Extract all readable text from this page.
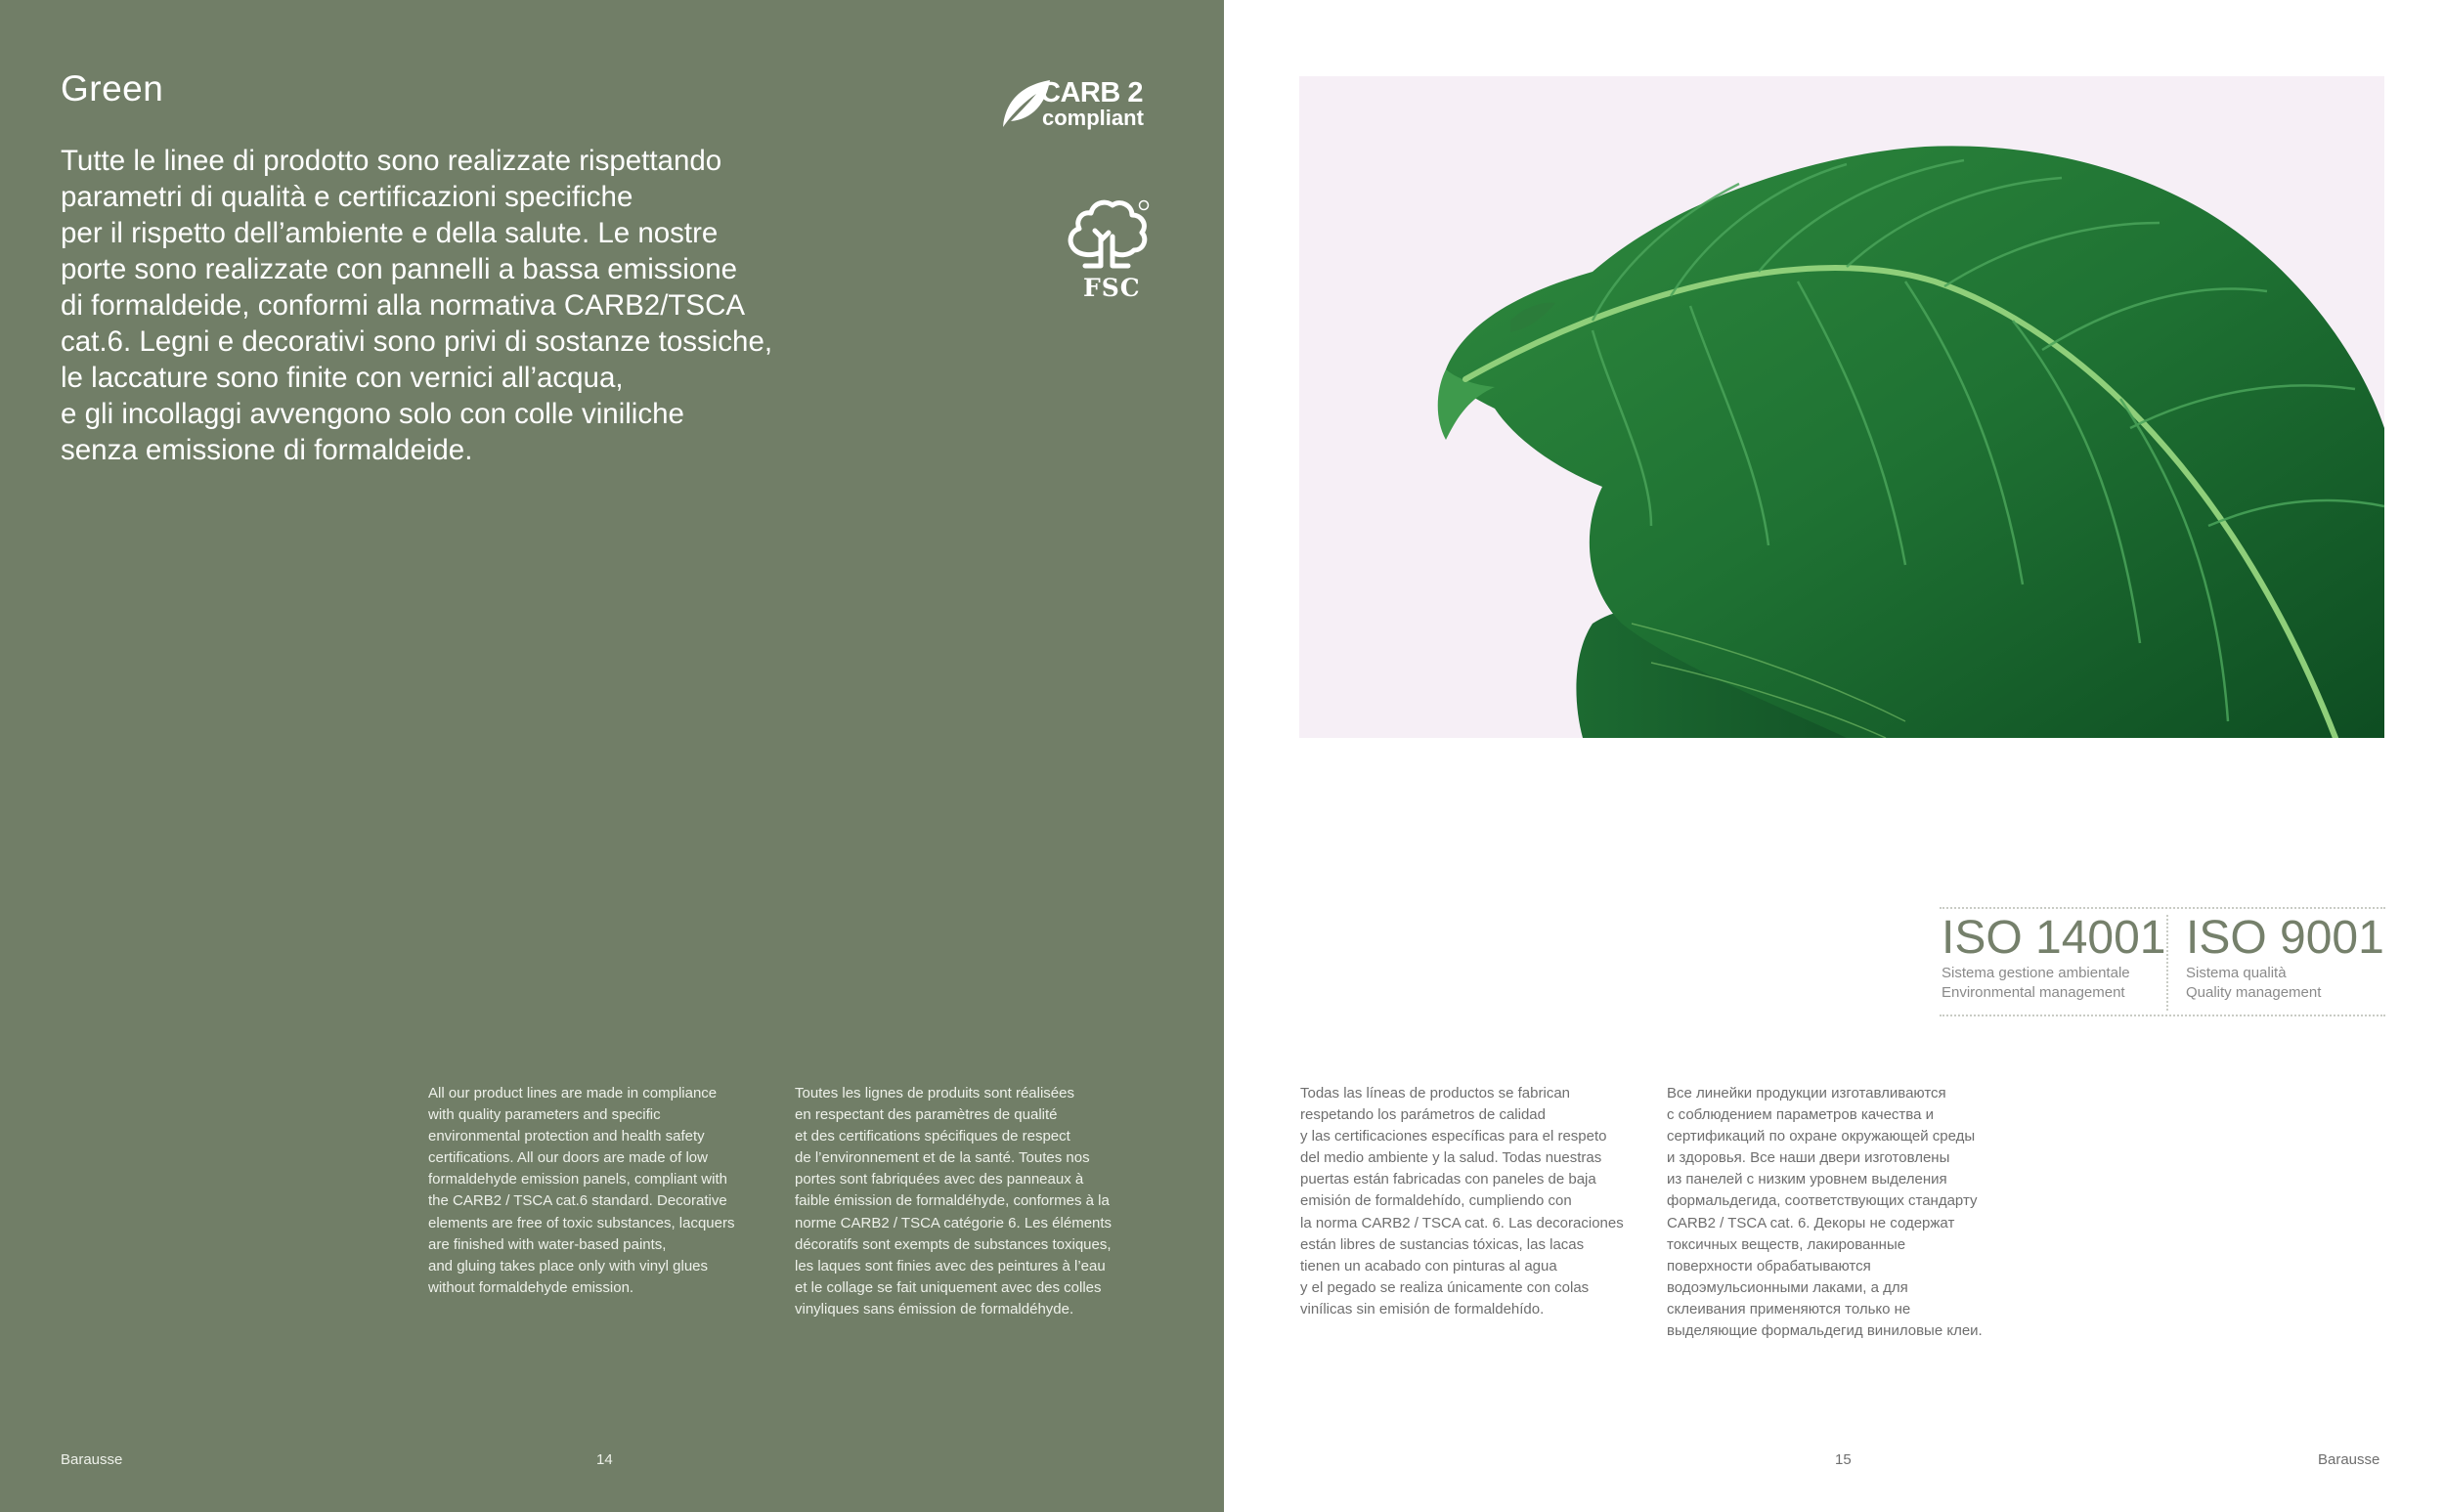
Green

Tutte le linee di prodotto sono realizzate rispettando
parametri di qualità e certificazioni specifiche
per il rispetto dell’ambiente e della salute. Le nostre
porte sono realizzate con pannelli a bassa emissione
di formaldeide, conformi alla normativa CARB2/TSCA
cat.6. Legni e decorativi sono privi di sostanze tossiche,
le laccature sono finite con vernici all’acqua,
e gli incollaggi avvengono solo con colle viniliche
senza emissione di formaldeide.

CARB 2
compliant
FSC

All our product lines are made in compliance
with quality parameters and specific
environmental protection and health safety
certifications. All our doors are made of low
formaldehyde emission panels, compliant with
the CARB2 / TSCA cat.6 standard. Decorative
elements are free of toxic substances, lacquers
are finished with water-based paints,
and gluing takes place only with vinyl glues
without formaldehyde emission.

Toutes les lignes de produits sont réalisées
en respectant des paramètres de qualité
et des certifications spécifiques de respect
de l’environnement et de la santé. Toutes nos
portes sont fabriquées avec des panneaux à
faible émission de formaldéhyde, conformes à la
norme CARB2 / TSCA catégorie 6. Les éléments
décoratifs sont exempts de substances toxiques,
les laques sont finies avec des peintures à l’eau
et le collage se fait uniquement avec des colles
vinyliques sans émission de formaldéhyde.

Barausse	14
ISO 14001
Sistema gestione ambientale
Environmental management
ISO 9001
Sistema qualità
Quality management

Todas las líneas de productos se fabrican
respetando los parámetros de calidad
y las certificaciones específicas para el respeto
del medio ambiente y la salud. Todas nuestras
puertas están fabricadas con paneles de baja
emisión de formaldehído, cumpliendo con
la norma CARB2 / TSCA cat. 6. Las decoraciones
están libres de sustancias tóxicas, las lacas
tienen un acabado con pinturas al agua
y el pegado se realiza únicamente con colas
vinílicas sin emisión de formaldehído.

Все линейки продукции изготавливаются
с соблюдением параметров качества и
сертификаций по охране окружающей среды
и здоровья. Все наши двери изготовлены
из панелей с низким уровнем выделения
формальдегида, соответствующих стандарту
CARB2 / TSCA cat. 6. Декоры не содержат
токсичных веществ, лакированные
поверхности обрабатываются
водоэмульсионными лаками, а для
склеивания применяются только не
выделяющие формальдегид виниловые клеи.

15	Barausse
